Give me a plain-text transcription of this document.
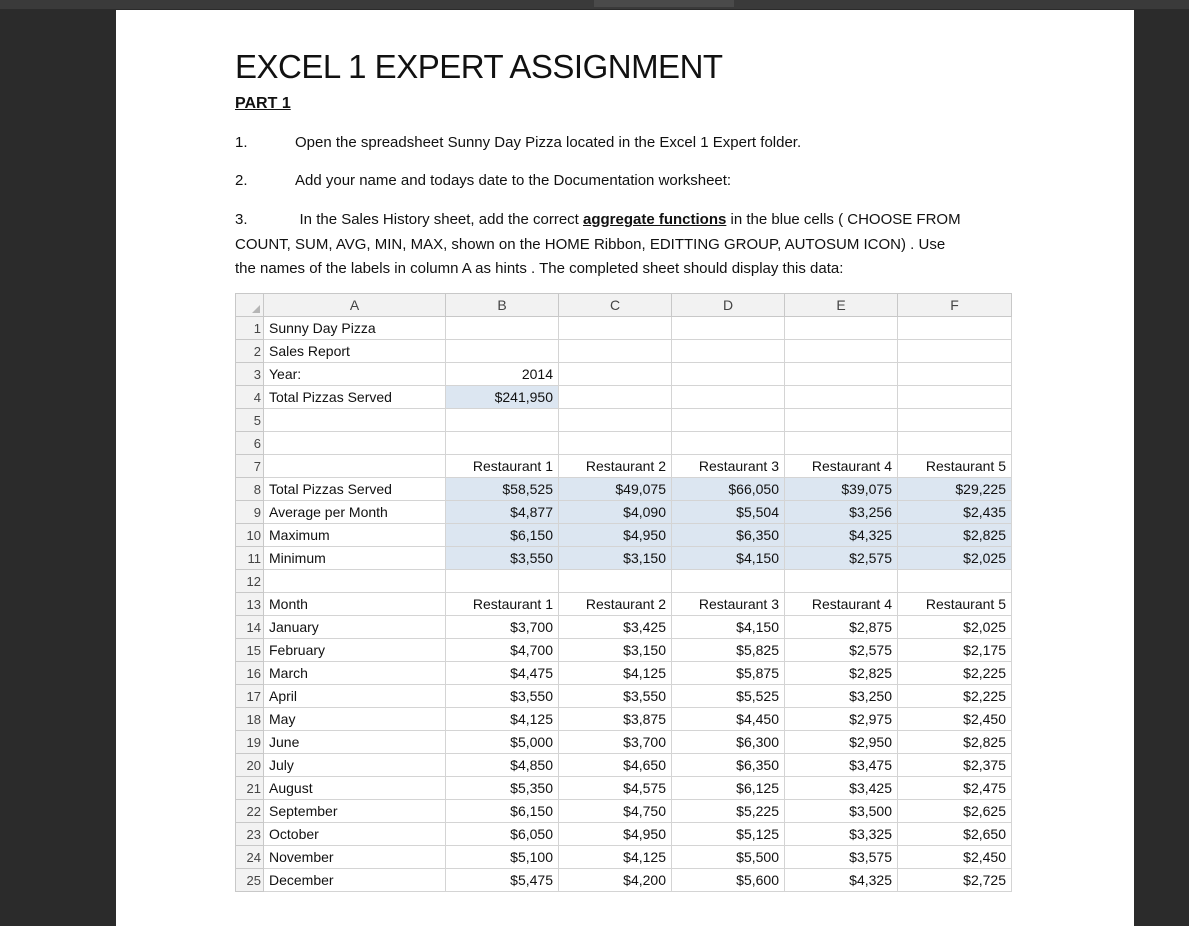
EXCEL 1 EXPERT ASSIGNMENT
PART 1
1.	Open the spreadsheet Sunny Day Pizza located in the Excel 1 Expert folder.
2.	Add your name and todays date to the Documentation worksheet:
3.	In the Sales History sheet, add the correct aggregate functions in the blue cells ( CHOOSE FROM
COUNT, SUM, AVG, MIN, MAX, shown on the HOME Ribbon, EDITTING GROUP, AUTOSUM ICON) . Use
the names of the labels in column A as hints . The completed sheet should display this data:
	A	B	C	D	E	F
1	Sunny Day Pizza					
2	Sales Report					
3	Year:	2014				
4	Total Pizzas Served	$241,950				
5						
6						
7		Restaurant 1	Restaurant 2	Restaurant 3	Restaurant 4	Restaurant 5
8	Total Pizzas Served	$58,525	$49,075	$66,050	$39,075	$29,225
9	Average per Month	$4,877	$4,090	$5,504	$3,256	$2,435
10	Maximum	$6,150	$4,950	$6,350	$4,325	$2,825
11	Minimum	$3,550	$3,150	$4,150	$2,575	$2,025
12						
13	Month	Restaurant 1	Restaurant 2	Restaurant 3	Restaurant 4	Restaurant 5
14	January	$3,700	$3,425	$4,150	$2,875	$2,025
15	February	$4,700	$3,150	$5,825	$2,575	$2,175
16	March	$4,475	$4,125	$5,875	$2,825	$2,225
17	April	$3,550	$3,550	$5,525	$3,250	$2,225
18	May	$4,125	$3,875	$4,450	$2,975	$2,450
19	June	$5,000	$3,700	$6,300	$2,950	$2,825
20	July	$4,850	$4,650	$6,350	$3,475	$2,375
21	August	$5,350	$4,575	$6,125	$3,425	$2,475
22	September	$6,150	$4,750	$5,225	$3,500	$2,625
23	October	$6,050	$4,950	$5,125	$3,325	$2,650
24	November	$5,100	$4,125	$5,500	$3,575	$2,450
25	December	$5,475	$4,200	$5,600	$4,325	$2,725
